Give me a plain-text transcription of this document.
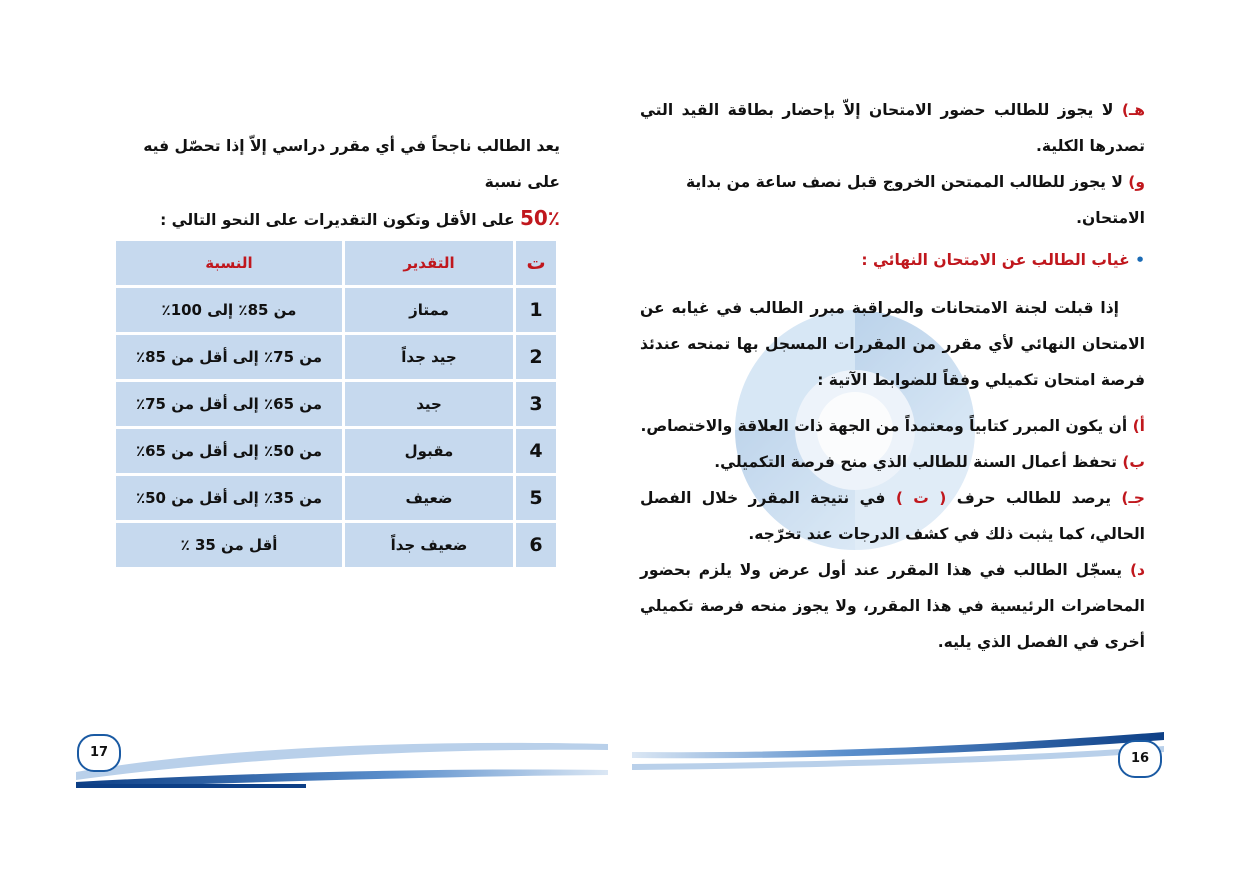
هـ) لا يجوز للطالب حضور الامتحان إلاّ بإحضار بطاقة القيد التي تصدرها الكلية.

و) لا يجوز للطالب الممتحن الخروج قبل نصف ساعة من بداية الامتحان.

• غياب الطالب عن الامتحان النهائي :

إذا قبلت لجنة الامتحانات والمراقبة مبرر الطالب في غيابه عن الامتحان النهائي لأي مقرر من المقررات المسجل بها تمنحه عندئذ فرصة امتحان تكميلي وفقاً للضوابط الآتية :

أ) أن يكون المبرر كتابياً ومعتمداً من الجهة ذات العلاقة والاختصاص.

ب) تحفظ أعمال السنة للطالب الذي منح فرصة التكميلي.

جـ) يرصد للطالب حرف ( ت ) في نتيجة المقرر خلال الفصل الحالي، كما يثبت ذلك في كشف الدرجات عند تخرّجه.

د) يسجّل الطالب في هذا المقرر عند أول عرض ولا يلزم بحضور المحاضرات الرئيسية في هذا المقرر، ولا يجوز منحه فرصة تكميلي أخرى في الفصل الذي يليه.

يعد الطالب ناجحاً في أي مقرر دراسي إلاّ إذا تحصّل فيه على نسبة

50٪ على الأقل وتكون التقديرات على النحو التالي :

ت	التقدير	النسبة
1	ممتاز	من 85٪ إلى 100٪
2	جيد جداً	من 75٪ إلى أقل من 85٪
3	جيد	من 65٪ إلى أقل من 75٪
4	مقبول	من 50٪ إلى أقل من 65٪
5	ضعيف	من 35٪ إلى أقل من 50٪
6	ضعيف جداً	أقل من 35 ٪
17	16
